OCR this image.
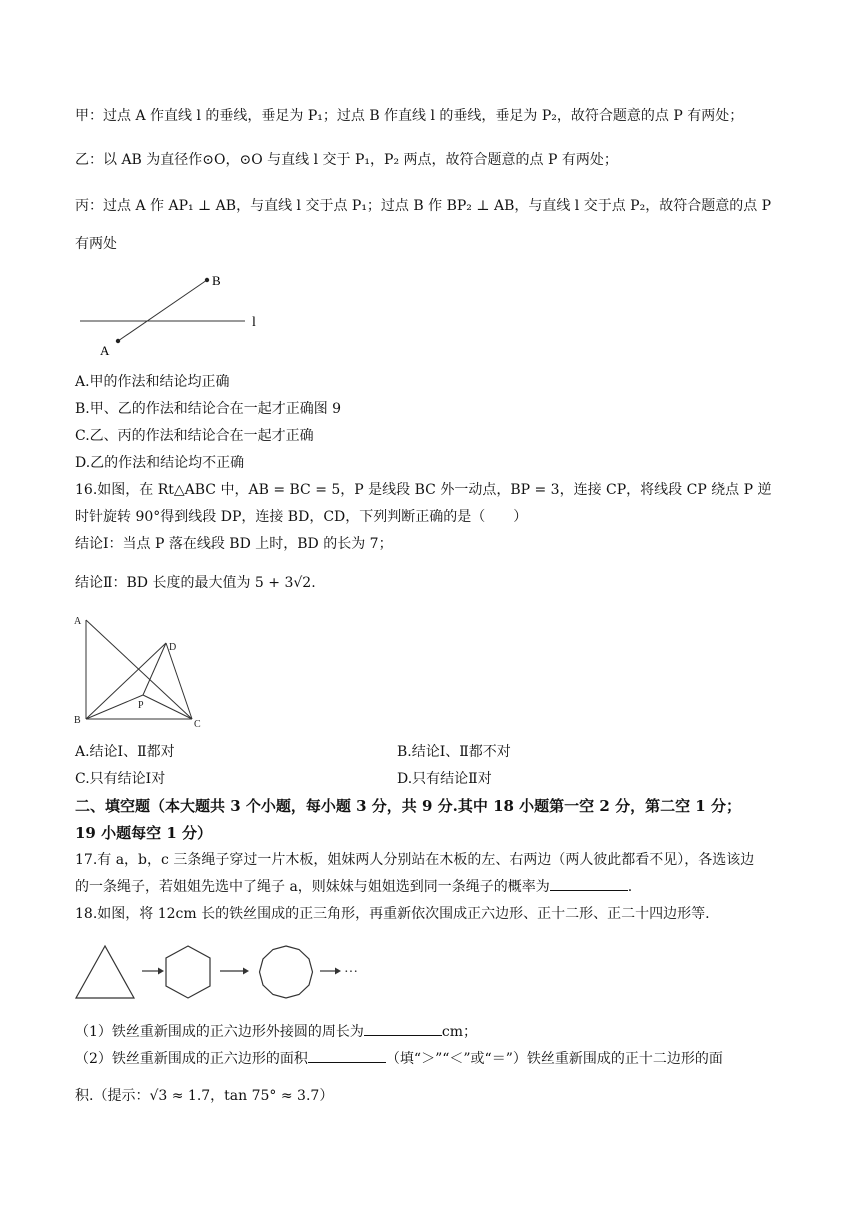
甲：过点 A 作直线 l 的垂线，垂足为 P₁；过点 B 作直线 l 的垂线，垂足为 P₂，故符合题意的点 P 有两处；
乙：以 AB 为直径作⊙O，⊙O 与直线 l 交于 P₁，P₂ 两点，故符合题意的点 P 有两处；
丙：过点 A 作 AP₁ ⊥ AB，与直线 l 交于点 P₁；过点 B 作 BP₂ ⊥ AB，与直线 l 交于点 P₂，故符合题意的点 P
有两处
A
B
l
A.甲的作法和结论均正确
B.甲、乙的作法和结论合在一起才正确图 9
C.乙、丙的作法和结论合在一起才正确
D.乙的作法和结论均不正确
16.如图，在 Rt△ABC 中，AB = BC = 5，P 是线段 BC 外一动点，BP = 3，连接 CP，将线段 CP 绕点 P 逆
时针旋转 90°得到线段 DP，连接 BD，CD，下列判断正确的是（　　）
结论Ⅰ：当点 P 落在线段 BD 上时，BD 的长为 7；
结论Ⅱ：BD 长度的最大值为 5 + 3√2.
A
B	C
D
P
A.结论Ⅰ、Ⅱ都对	B.结论Ⅰ、Ⅱ都不对
C.只有结论Ⅰ对	D.只有结论Ⅱ对
二、填空题（本大题共 3 个小题，每小题 3 分，共 9 分.其中 18 小题第一空 2 分，第二空 1 分；
19 小题每空 1 分）
17.有 a，b，c 三条绳子穿过一片木板，姐妹两人分别站在木板的左、右两边（两人彼此都看不见），各选该边
的一条绳子，若姐姐先选中了绳子 a，则妹妹与姐姐选到同一条绳子的概率为	.
18.如图，将 12cm 长的铁丝围成的正三角形，再重新依次围成正六边形、正十二形、正二十四边形等.
···
（1）铁丝重新围成的正六边形外接圆的周长为	cm；
（2）铁丝重新围成的正六边形的面积	（填“＞”“＜”或“＝”）铁丝重新围成的正十二边形的面
积.（提示：√3 ≈ 1.7，tan 75° ≈ 3.7）
